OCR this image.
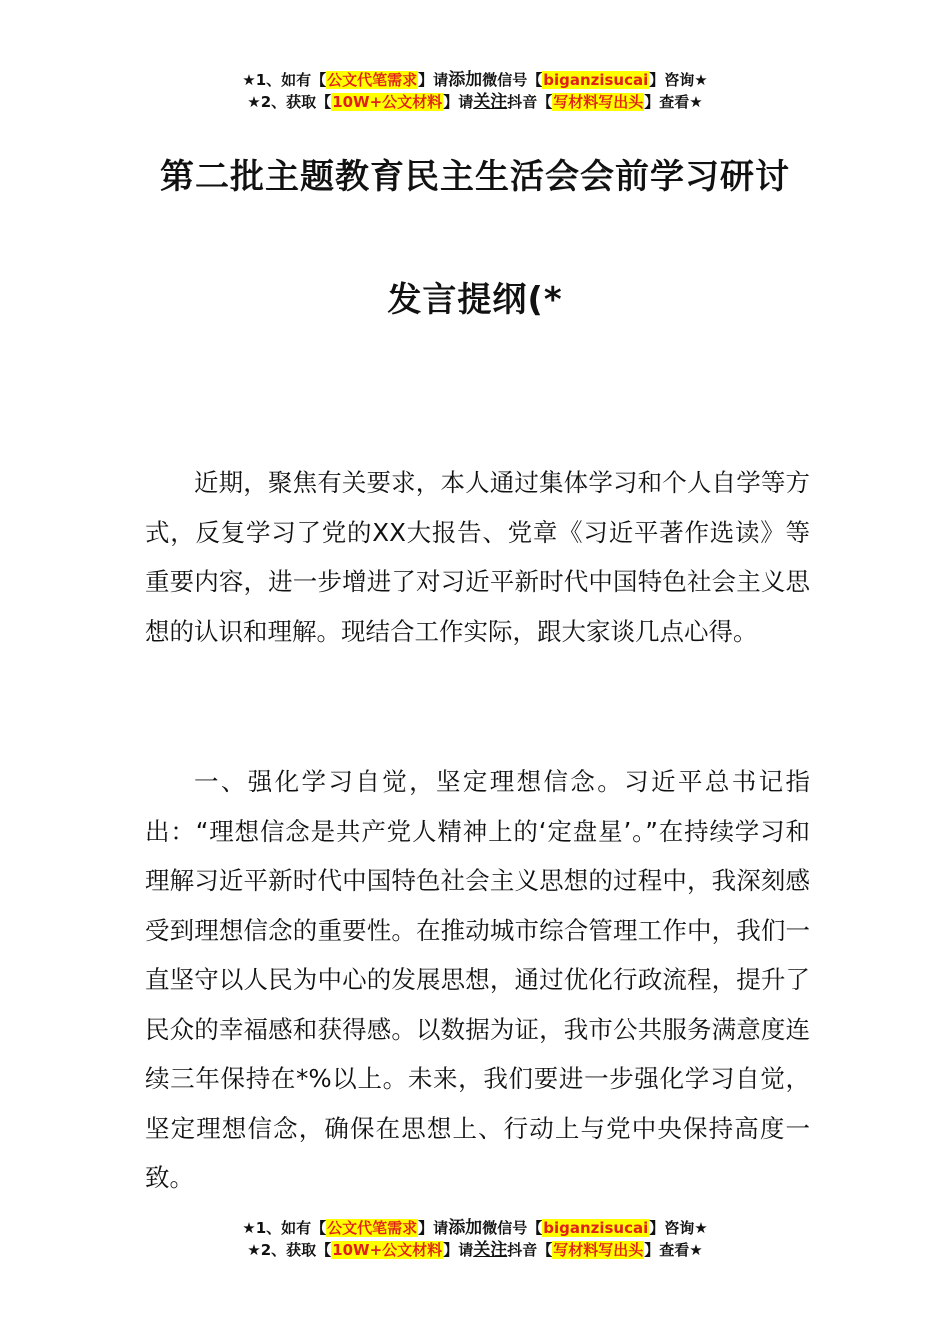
★1、如有【公文代笔需求】请添加微信号【biganzisucai】咨询★
★2、获取【10W+公文材料】请关注抖音【写材料写出头】查看★
第二批主题教育民主生活会会前学习研讨
发言提纲(*

近期，聚焦有关要求，本人通过集体学习和个人自学等方式，反复学习了党的XX大报告、党章《习近平著作选读》等重要内容，进一步增进了对习近平新时代中国特色社会主义思想的认识和理解。现结合工作实际，跟大家谈几点心得。

一、强化学习自觉，坚定理想信念。习近平总书记指出：“理想信念是共产党人精神上的‘定盘星’。”在持续学习和理解习近平新时代中国特色社会主义思想的过程中，我深刻感受到理想信念的重要性。在推动城市综合管理工作中，我们一直坚守以人民为中心的发展思想，通过优化行政流程，提升了民众的幸福感和获得感。以数据为证，我市公共服务满意度连续三年保持在*%以上。未来，我们要进一步强化学习自觉，坚定理想信念，确保在思想上、行动上与党中央保持高度一致。

★1、如有【公文代笔需求】请添加微信号【biganzisucai】咨询★
★2、获取【10W+公文材料】请关注抖音【写材料写出头】查看★
